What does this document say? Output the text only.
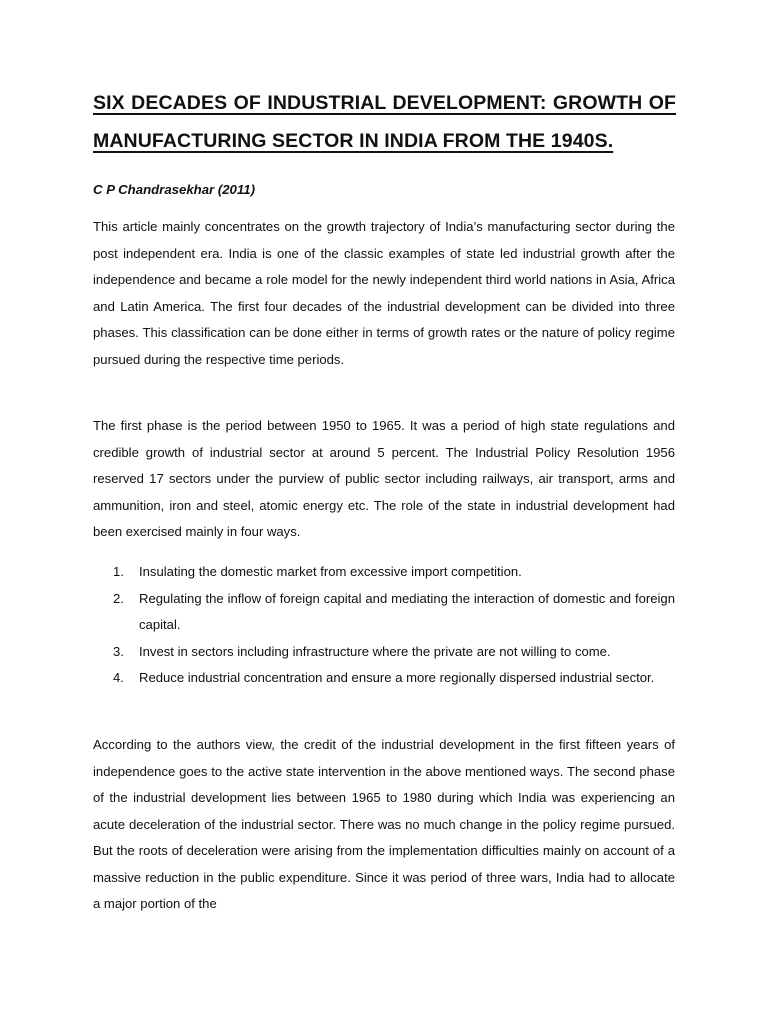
SIX DECADES OF INDUSTRIAL DEVELOPMENT: GROWTH OF MANUFACTURING SECTOR IN INDIA FROM THE 1940S.
C P Chandrasekhar (2011)

This article mainly concentrates on the growth trajectory of India’s manufacturing sector during the post independent era. India is one of the classic examples of state led industrial growth after the independence and became a role model for the newly independent third world nations in Asia, Africa and Latin America. The first four decades of the industrial development can be divided into three phases. This classification can be done either in terms of growth rates or the nature of policy regime pursued during the respective time periods.

The first phase is the period between 1950 to 1965. It was a period of high state regulations and credible growth of industrial sector at around 5 percent. The Industrial Policy Resolution 1956 reserved 17 sectors under the purview of public sector including railways, air transport, arms and ammunition, iron and steel, atomic energy etc. The role of the state in industrial development had been exercised mainly in four ways.

1. Insulating the domestic market from excessive import competition.
2. Regulating the inflow of foreign capital and mediating the interaction of domestic and foreign capital.
3. Invest in sectors including infrastructure where the private are not willing to come.
4. Reduce industrial concentration and ensure a more regionally dispersed industrial sector.

According to the authors view, the credit of the industrial development in the first fifteen years of independence goes to the active state intervention in the above mentioned ways. The second phase of the industrial development lies between 1965 to 1980 during which India was experiencing an acute deceleration of the industrial sector. There was no much change in the policy regime pursued. But the roots of deceleration were arising from the implementation difficulties mainly on account of a massive reduction in the public expenditure. Since it was period of three wars, India had to allocate a major portion of the
